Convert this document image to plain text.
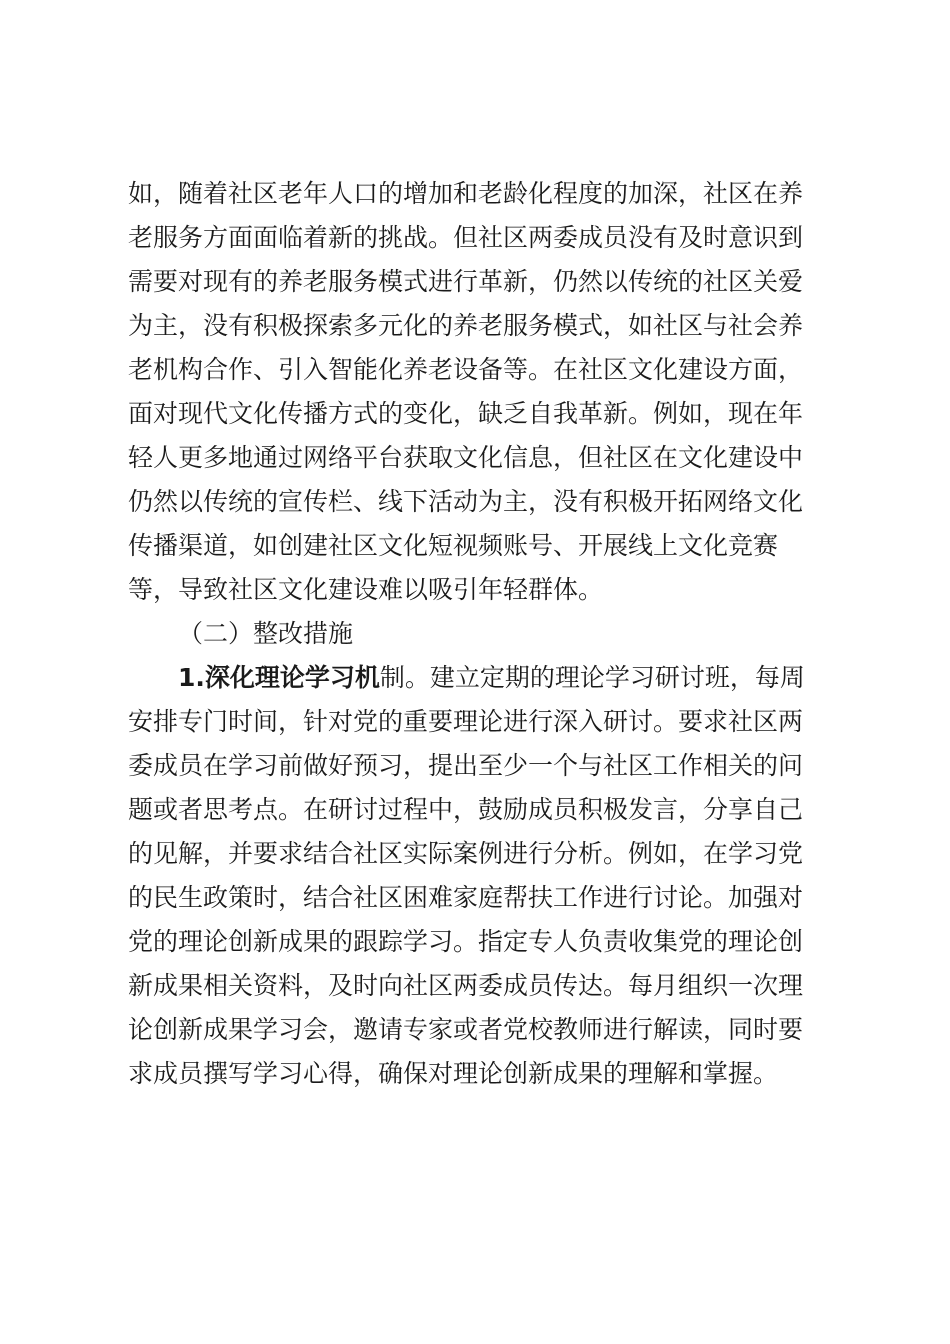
如，随着社区老年人口的增加和老龄化程度的加深，社区在养
老服务方面面临着新的挑战。但社区两委成员没有及时意识到
需要对现有的养老服务模式进行革新，仍然以传统的社区关爱
为主，没有积极探索多元化的养老服务模式，如社区与社会养
老机构合作、引入智能化养老设备等。在社区文化建设方面，
面对现代文化传播方式的变化，缺乏自我革新。例如，现在年
轻人更多地通过网络平台获取文化信息，但社区在文化建设中
仍然以传统的宣传栏、线下活动为主，没有积极开拓网络文化
传播渠道，如创建社区文化短视频账号、开展线上文化竞赛
等，导致社区文化建设难以吸引年轻群体。
（二）整改措施
1.深化理论学习机制。建立定期的理论学习研讨班，每周
安排专门时间，针对党的重要理论进行深入研讨。要求社区两
委成员在学习前做好预习，提出至少一个与社区工作相关的问
题或者思考点。在研讨过程中，鼓励成员积极发言，分享自己
的见解，并要求结合社区实际案例进行分析。例如，在学习党
的民生政策时，结合社区困难家庭帮扶工作进行讨论。加强对
党的理论创新成果的跟踪学习。指定专人负责收集党的理论创
新成果相关资料，及时向社区两委成员传达。每月组织一次理
论创新成果学习会，邀请专家或者党校教师进行解读，同时要
求成员撰写学习心得，确保对理论创新成果的理解和掌握。
